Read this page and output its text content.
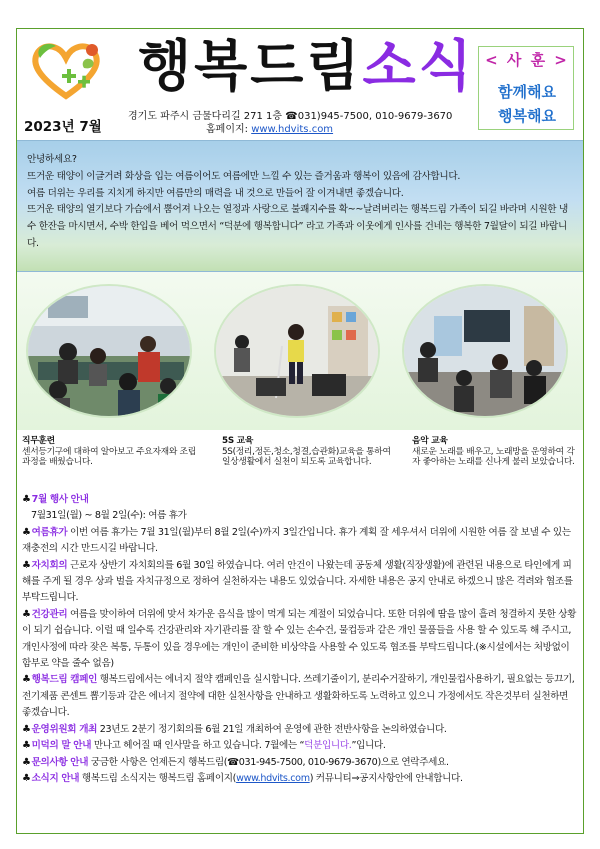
행복드림소식 < 사 훈 >
함께해요
행복해요
2023년 7월
경기도 파주시 금물다리길 271 1층 ☎031)945-7500, 010-9679-3670
홈페이지: www.hdvits.com

안녕하세요?

뜨거운 태양이 이글거려 화상을 입는 여름이어도 여름에만 느낄 수 있는 즐거움과 행복이 있음에 감사합니다.

여름 더위는 우리를 지치게 하지만 여름만의 매력을 내 것으로 만들어 잘 이겨내면 좋겠습니다.

뜨거운 태양의 열기보다 가슴에서 뿜어져 나오는 열정과 사랑으로 불쾌지수를 확~~날려버리는 행복드림 가족이 되길 바라며 시원한 냉수 한잔을 마시면서, 수박 한입을 베어 먹으면서 “덕분에 행복합니다” 라고 가족과 이웃에게 인사를 건네는 행복한 7월달이 되길 바랍니다.

직무훈련
센서등기구에 대하여 알아보고 주요자재와 조립과정을 배웠습니다.
5S 교육
5S(정리,정돈,청소,청결,습관화)교육을 통하여 일상생활에서 실천이 되도록 교육합니다.
음악 교육
새로운 노래를 배우고, 노래방을 운영하여 각자 좋아하는 노래를 신나게 불러 보았습니다.

♣7월 행사 안내

7월31일(월) ~ 8월 2일(수): 여름 휴가

♣여름휴가 이번 여름 휴가는 7월 31일(월)부터 8월 2일(수)까지 3일간입니다. 휴가 계획 잘 세우셔서 더위에 시원한 여름 잘 보낼 수 있는 재충전의 시간 만드시길 바랍니다.

♣자치회의 근로자 상반기 자치회의를 6월 30일 하였습니다. 여러 안건이 나왔는데 공동체 생활(직장생활)에 관련된 내용으로 타인에게 피해를 주게 될 경우 상과 벌을 자치규정으로 정하여 실천하자는 내용도 있었습니다. 자세한 내용은 공지 안내로 하겠으니 많은 격려와 협조를 부탁드립니다.

♣건강관리 여름을 맞이하여 더위에 맞서 차가운 음식을 많이 먹게 되는 계절이 되었습니다. 또한 더위에 땀을 많이 흘려 청결하지 못한 상황이 되기 쉽습니다. 이럴 때 일수록 건강관리와 자기관리를 잘 할 수 있는 손수건, 물컵등과 같은 개인 물품들을 사용 할 수 있도록 해 주시고, 개인사정에 따라 잦은 복통, 두통이 있을 경우에는 개인이 준비한 비상약을 사용할 수 있도록 협조를 부탁드립니다.(※시설에서는 처방없이 함부로 약을 줄수 없음)

♣행복드림 캠페인 행복드림에서는 에너지 절약 캠페인을 실시합니다. 쓰레기줄이기, 분리수거잘하기, 개인물컵사용하기, 필요없는 등끄기, 전기제품 콘센트 뽑기등과 같은 에너지 절약에 대한 실천사항을 안내하고 생활화하도록 노력하고 있으니 가정에서도 작은것부터 실천하면 좋겠습니다.

♣운영위원회 개최 23년도 2분기 정기회의를 6월 21일 개최하여 운영에 관한 전반사항을 논의하였습니다.

♣미덕의 말 안내 만나고 헤어질 때 인사말을 하고 있습니다. 7월에는 “덕분입니다.”입니다.

♣문의사항 안내 궁금한 사항은 언제든지 행복드림(☎031-945-7500, 010-9679-3670)으로 연락주세요.

♣소식지 안내 행복드림 소식지는 행복드림 홈페이지(www.hdvits.com) 커뮤니티⇒공지사항안에 안내합니다.
